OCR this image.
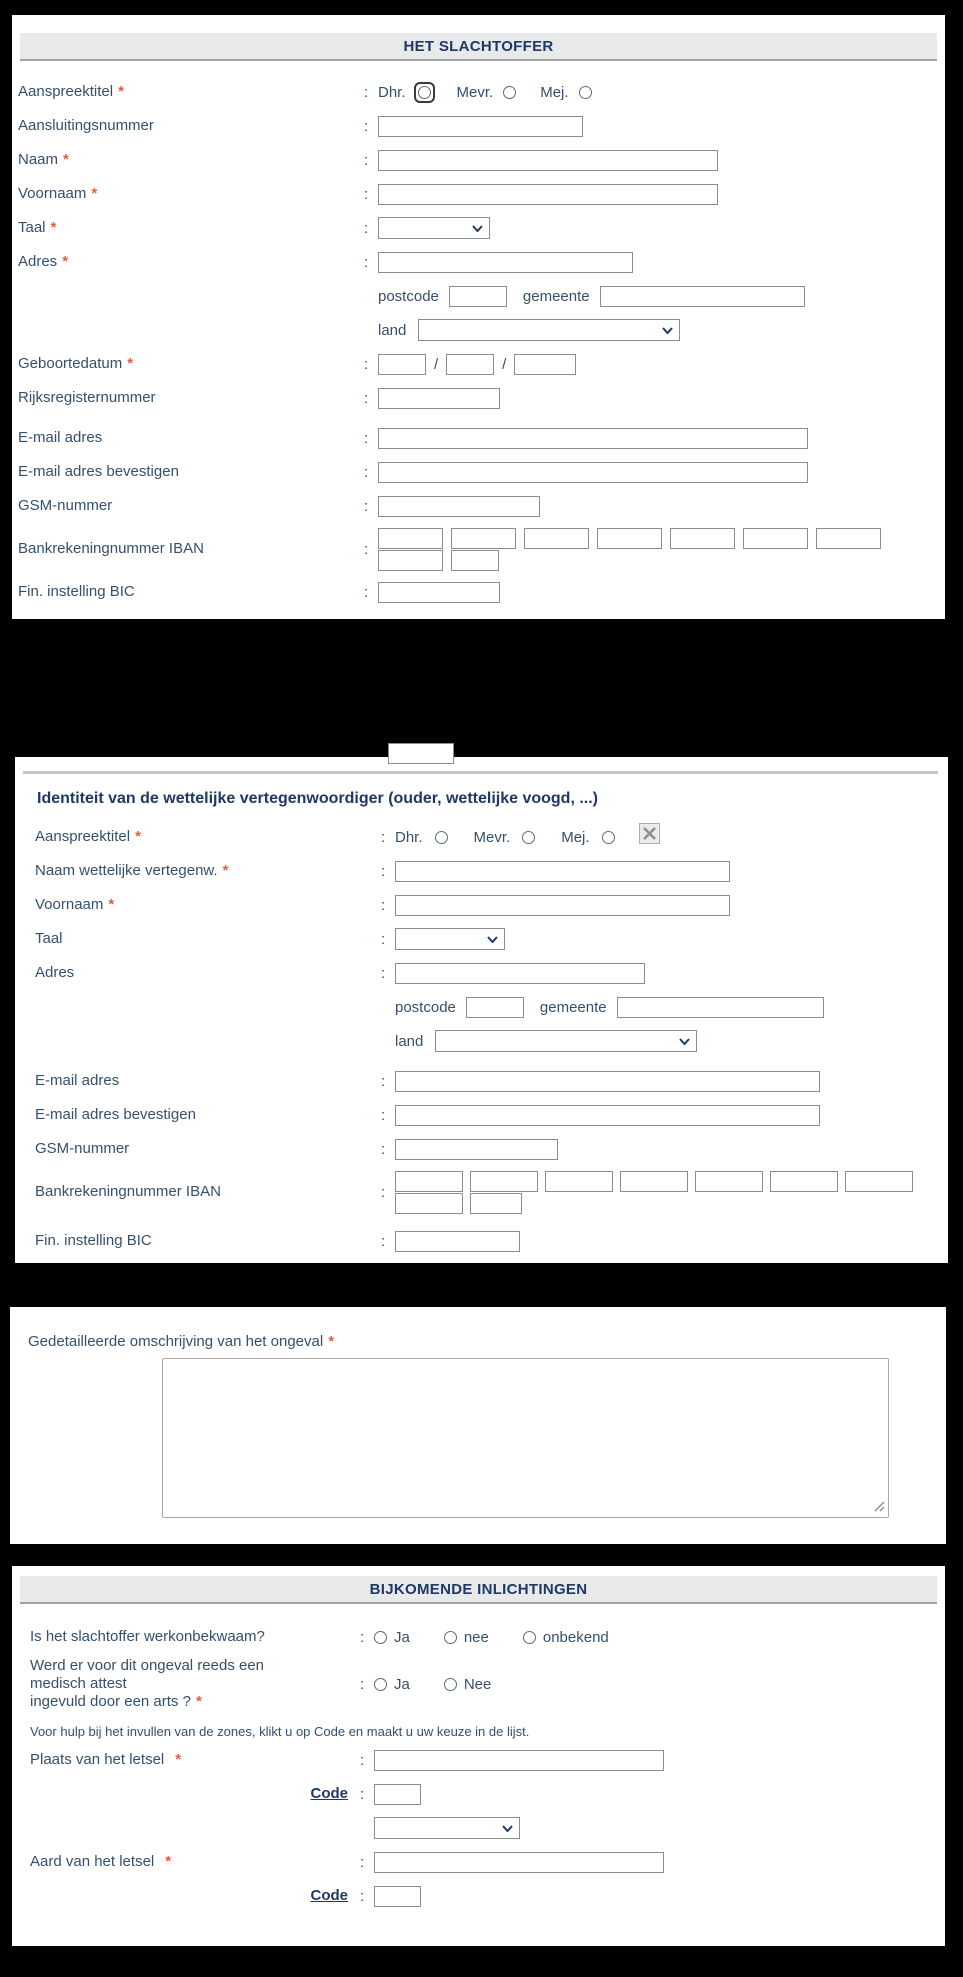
HET SLACHTOFFER
Aanspreektitel *	: Dhr.	Mevr.	Mej.
Aansluitingsnummer	:
Naam *	:
Voornaam *	:
Taal *	:
Adres *	:
postcode	gemeente
land
Geboortedatum *	:	/	/
Rijksregisternummer	:
E-mail adres	:
E-mail adres bevestigen	:
GSM-nummer	:
Bankrekeningnummer IBAN	:
Fin. instelling BIC	:
Identiteit van de wettelijke vertegenwoordiger (ouder, wettelijke voogd, ...)
Aanspreektitel *	: Dhr.	Mevr.	Mej.
Naam wettelijke vertegenw. *	:
Voornaam *	:
Taal	:
Adres	:
postcode	gemeente
land
E-mail adres	:
E-mail adres bevestigen	:
GSM-nummer	:
Bankrekeningnummer IBAN	:
Fin. instelling BIC	:
Gedetailleerde omschrijving van het ongeval *
BIJKOMENDE INLICHTINGEN
Is het slachtoffer werkonbekwaam?	:	Ja	nee	onbekend
Werd er voor dit ongeval reeds een
medisch attest
ingevuld door een arts ? *
:	Ja	Nee
Voor hulp bij het invullen van de zones, klikt u op Code en maakt u uw keuze in de lijst.
Plaats van het letsel *	:
Code :
Aard van het letsel *	:
Code :
